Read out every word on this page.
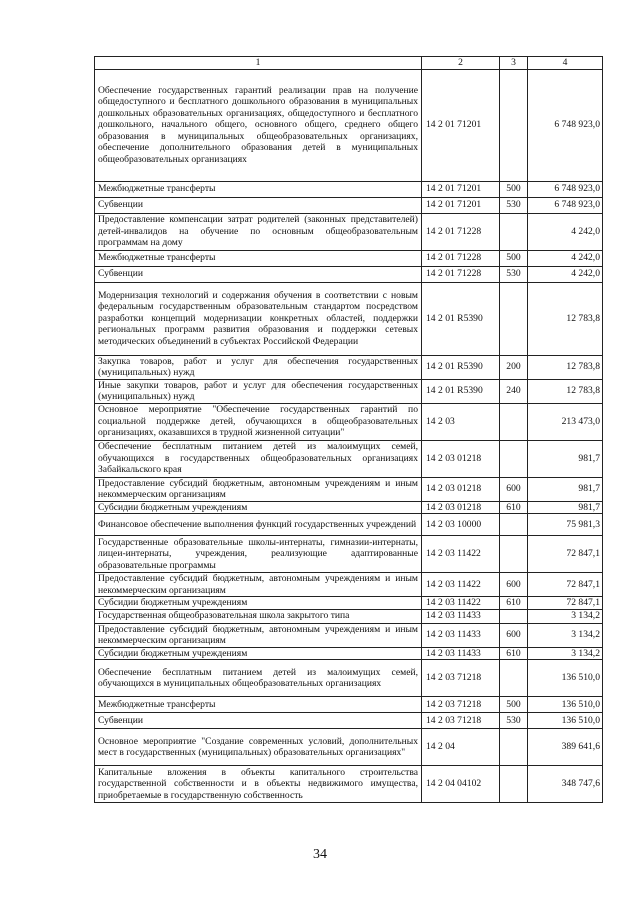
1	2	3	4
Обеспечение государственных гарантий реализации прав на получение общедоступного и бесплатного дошкольного образования в муниципальных дошкольных образовательных организациях, общедоступного и бесплатного дошкольного, начального общего, основного общего, среднего общего образования в муниципальных общеобразовательных организациях, обеспечение дополнительного образования детей в муниципальных общеобразовательных организациях	14 2 01 71201		6 748 923,0
Межбюджетные трансферты	14 2 01 71201	500	6 748 923,0
Субвенции	14 2 01 71201	530	6 748 923,0
Предоставление компенсации затрат родителей (законных представителей) детей-инвалидов на обучение по основным общеобразовательным программам на дому	14 2 01 71228		4 242,0
Межбюджетные трансферты	14 2 01 71228	500	4 242,0
Субвенции	14 2 01 71228	530	4 242,0
Модернизация технологий и содержания обучения в соответствии с новым федеральным государственным образовательным стандартом посредством разработки концепций модернизации конкретных областей, поддержки региональных программ развития образования и поддержки сетевых методических объединений в субъектах Российской Федерации	14 2 01 R5390		12 783,8
Закупка товаров, работ и услуг для обеспечения государственных (муниципальных) нужд	14 2 01 R5390	200	12 783,8
Иные закупки товаров, работ и услуг для обеспечения государственных (муниципальных) нужд	14 2 01 R5390	240	12 783,8
Основное мероприятие "Обеспечение государственных гарантий по социальной поддержке детей, обучающихся в общеобразовательных организациях, оказавшихся в трудной жизненной ситуации"	14 2 03		213 473,0
Обеспечение бесплатным питанием детей из малоимущих семей, обучающихся в государственных общеобразовательных организациях Забайкальского края	14 2 03 01218		981,7
Предоставление субсидий бюджетным, автономным учреждениям и иным некоммерческим организациям	14 2 03 01218	600	981,7
Субсидии бюджетным учреждениям	14 2 03 01218	610	981,7
Финансовое обеспечение выполнения функций государственных учреждений	14 2 03 10000		75 981,3
Государственные образовательные школы-интернаты, гимназии-интернаты, лицеи-интернаты, учреждения, реализующие адаптированные образовательные программы	14 2 03 11422		72 847,1
Предоставление субсидий бюджетным, автономным учреждениям и иным некоммерческим организациям	14 2 03 11422	600	72 847,1
Субсидии бюджетным учреждениям	14 2 03 11422	610	72 847,1
Государственная общеобразовательная школа закрытого типа	14 2 03 11433		3 134,2
Предоставление субсидий бюджетным, автономным учреждениям и иным некоммерческим организациям	14 2 03 11433	600	3 134,2
Субсидии бюджетным учреждениям	14 2 03 11433	610	3 134,2
Обеспечение бесплатным питанием детей из малоимущих семей, обучающихся в муниципальных общеобразовательных организациях	14 2 03 71218		136 510,0
Межбюджетные трансферты	14 2 03 71218	500	136 510,0
Субвенции	14 2 03 71218	530	136 510,0
Основное мероприятие "Создание современных условий, дополнительных мест в государственных (муниципальных) образовательных организациях"	14 2 04		389 641,6
Капитальные вложения в объекты капитального строительства государственной собственности и в объекты недвижимого имущества, приобретаемые в государственную собственность	14 2 04 04102		348 747,6
34
